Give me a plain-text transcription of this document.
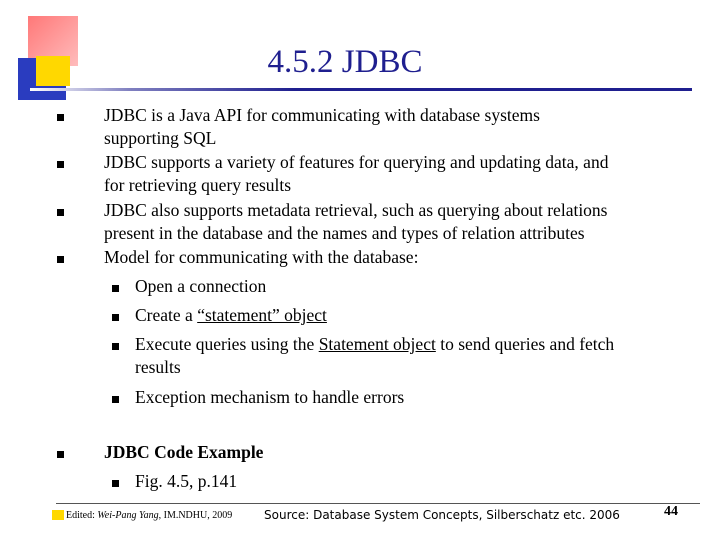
4.5.2 JDBC
JDBC is a Java API for communicating with database systems
supporting SQL
JDBC supports a variety of features for querying and updating data, and
for retrieving query results
JDBC also supports metadata retrieval, such as querying about relations
present in the database and the names and types of relation attributes
Model for communicating with the database:
Open a connection
Create a “statement” object
Execute queries using the Statement object to send queries and fetch
results
Exception mechanism to handle errors
JDBC Code Example
Fig. 4.5, p.141
Edited: Wei-Pang Yang, IM.NDHU, 2009	Source: Database System Concepts, Silberschatz etc. 2006	44
